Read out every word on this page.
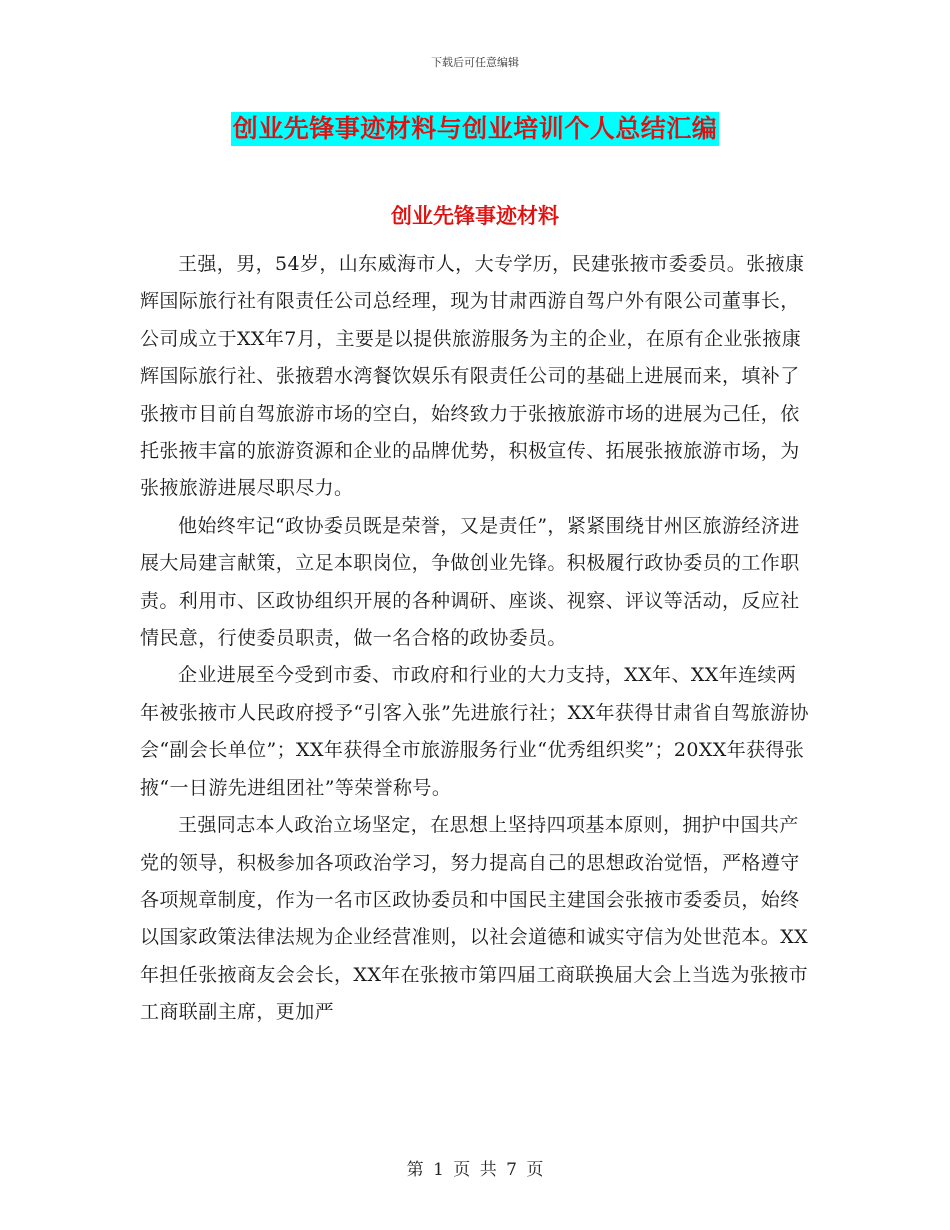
下载后可任意编辑
创业先锋事迹材料与创业培训个人总结汇编
创业先锋事迹材料

王强，男，54岁，山东威海市人，大专学历，民建张掖市委委员。张掖康辉国际旅行社有限责任公司总经理，现为甘肃西游自驾户外有限公司董事长，公司成立于XX年7月，主要是以提供旅游服务为主的企业，在原有企业张掖康辉国际旅行社、张掖碧水湾餐饮娱乐有限责任公司的基础上进展而来，填补了张掖市目前自驾旅游市场的空白，始终致力于张掖旅游市场的进展为己任，依托张掖丰富的旅游资源和企业的品牌优势，积极宣传、拓展张掖旅游市场，为张掖旅游进展尽职尽力。

他始终牢记“政协委员既是荣誉，又是责任”，紧紧围绕甘州区旅游经济进展大局建言献策，立足本职岗位，争做创业先锋。积极履行政协委员的工作职责。利用市、区政协组织开展的各种调研、座谈、视察、评议等活动，反应社情民意，行使委员职责，做一名合格的政协委员。

企业进展至今受到市委、市政府和行业的大力支持，XX年、XX年连续两年被张掖市人民政府授予“引客入张”先进旅行社；XX年获得甘肃省自驾旅游协会“副会长单位”；XX年获得全市旅游服务行业“优秀组织奖”；20XX年获得张掖“一日游先进组团社”等荣誉称号。

王强同志本人政治立场坚定，在思想上坚持四项基本原则，拥护中国共产党的领导，积极参加各项政治学习，努力提高自己的思想政治觉悟，严格遵守各项规章制度，作为一名市区政协委员和中国民主建国会张掖市委委员，始终以国家政策法律法规为企业经营准则，以社会道德和诚实守信为处世范本。XX年担任张掖商友会会长，XX年在张掖市第四届工商联换届大会上当选为张掖市工商联副主席，更加严

第 1 页 共 7 页
